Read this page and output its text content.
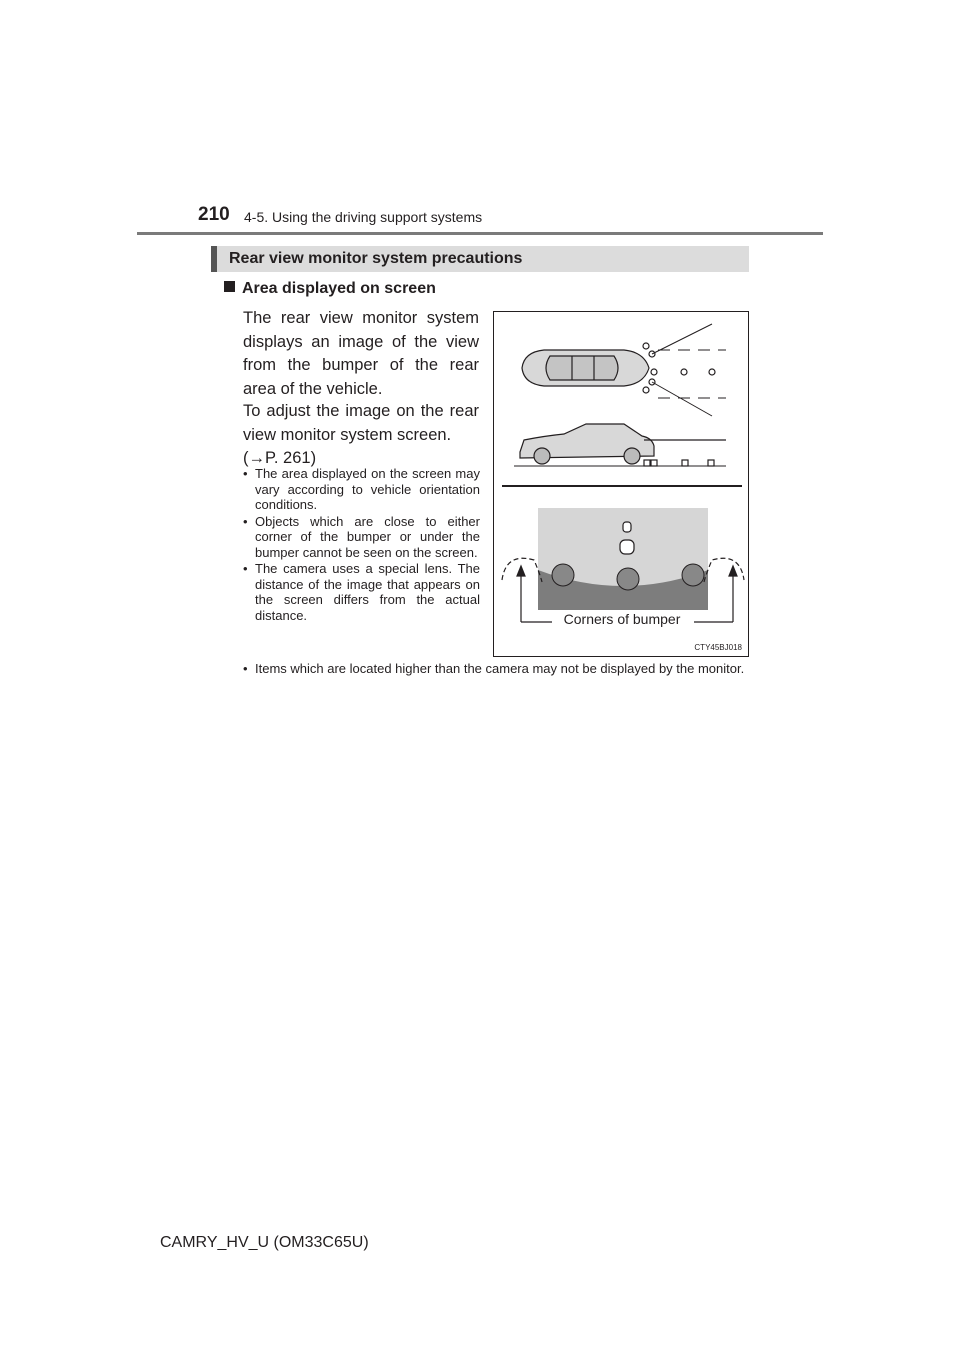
210 4-5. Using the driving support systems
Rear view monitor system precautions
Area displayed on screen
The rear view monitor system displays an image of the view from the bumper of the rear area of the vehicle.
To adjust the image on the rear view monitor system screen.
(→P. 261)
• The area displayed on the screen may vary according to vehicle orientation conditions.
• Objects which are close to either corner of the bumper or under the bumper cannot be seen on the screen.
• The camera uses a special lens. The distance of the image that appears on the screen differs from the actual distance.
• Items which are located higher than the camera may not be displayed by the monitor.
Corners of bumper
CTY45BJ018
CAMRY_HV_U (OM33C65U)
